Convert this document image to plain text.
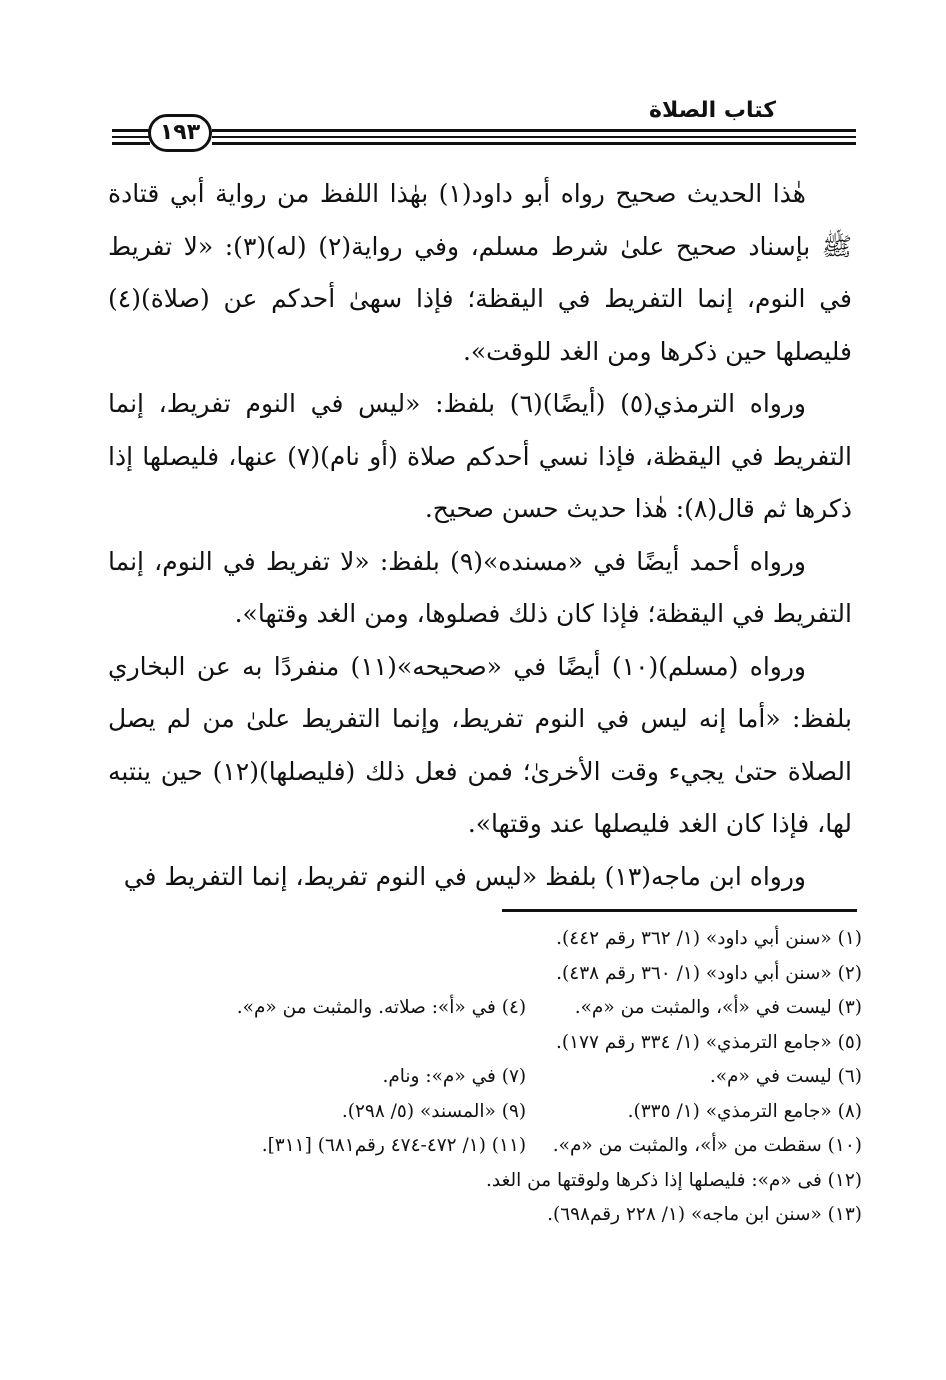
كتاب الصلاة
١٩٣

هٰذا الحديث صحيح رواه أبو داود(١) بهٰذا اللفظ من رواية أبي قتادة ﷺ بإسناد صحيح علىٰ شرط مسلم، وفي رواية(٢) (له)(٣): «لا تفريط في النوم، إنما التفريط في اليقظة؛ فإذا سهىٰ أحدكم عن (صلاة)(٤) فليصلها حين ذكرها ومن الغد للوقت».

ورواه الترمذي(٥) (أيضًا)(٦) بلفظ: «ليس في النوم تفريط، إنما التفريط في اليقظة، فإذا نسي أحدكم صلاة (أو نام)(٧) عنها، فليصلها إذا ذكرها ثم قال(٨): هٰذا حديث حسن صحيح.

ورواه أحمد أيضًا في «مسنده»(٩) بلفظ: «لا تفريط في النوم، إنما التفريط في اليقظة؛ فإذا كان ذلك فصلوها، ومن الغد وقتها».

ورواه (مسلم)(١٠) أيضًا في «صحيحه»(١١) منفردًا به عن البخاري بلفظ: «أما إنه ليس في النوم تفريط، وإنما التفريط علىٰ من لم يصل الصلاة حتىٰ يجيء وقت الأخرىٰ؛ فمن فعل ذلك (فليصلها)(١٢) حين ينتبه لها، فإذا كان الغد فليصلها عند وقتها».

ورواه ابن ماجه(١٣) بلفظ «ليس في النوم تفريط، إنما التفريط في

(١) «سنن أبي داود» (١/ ٣٦٢ رقم ٤٤٢).
(٢) «سنن أبي داود» (١/ ٣٦٠ رقم ٤٣٨).
(٣) ليست في «أ»، والمثبت من «م». (٤) في «أ»: صلاته. والمثبت من «م».
(٥) «جامع الترمذي» (١/ ٣٣٤ رقم ١٧٧).
(٦) ليست في «م». (٧) في «م»: ونام.
(٨) «جامع الترمذي» (١/ ٣٣٥). (٩) «المسند» (٥/ ٢٩٨).
(١٠) سقطت من «أ»، والمثبت من «م». (١١) (١/ ٤٧٢-٤٧٤ رقم٦٨١) [٣١١].
(١٢) فى «م»: فليصلها إذا ذكرها ولوقتها من الغد.
(١٣) «سنن ابن ماجه» (١/ ٢٢٨ رقم٦٩٨).
